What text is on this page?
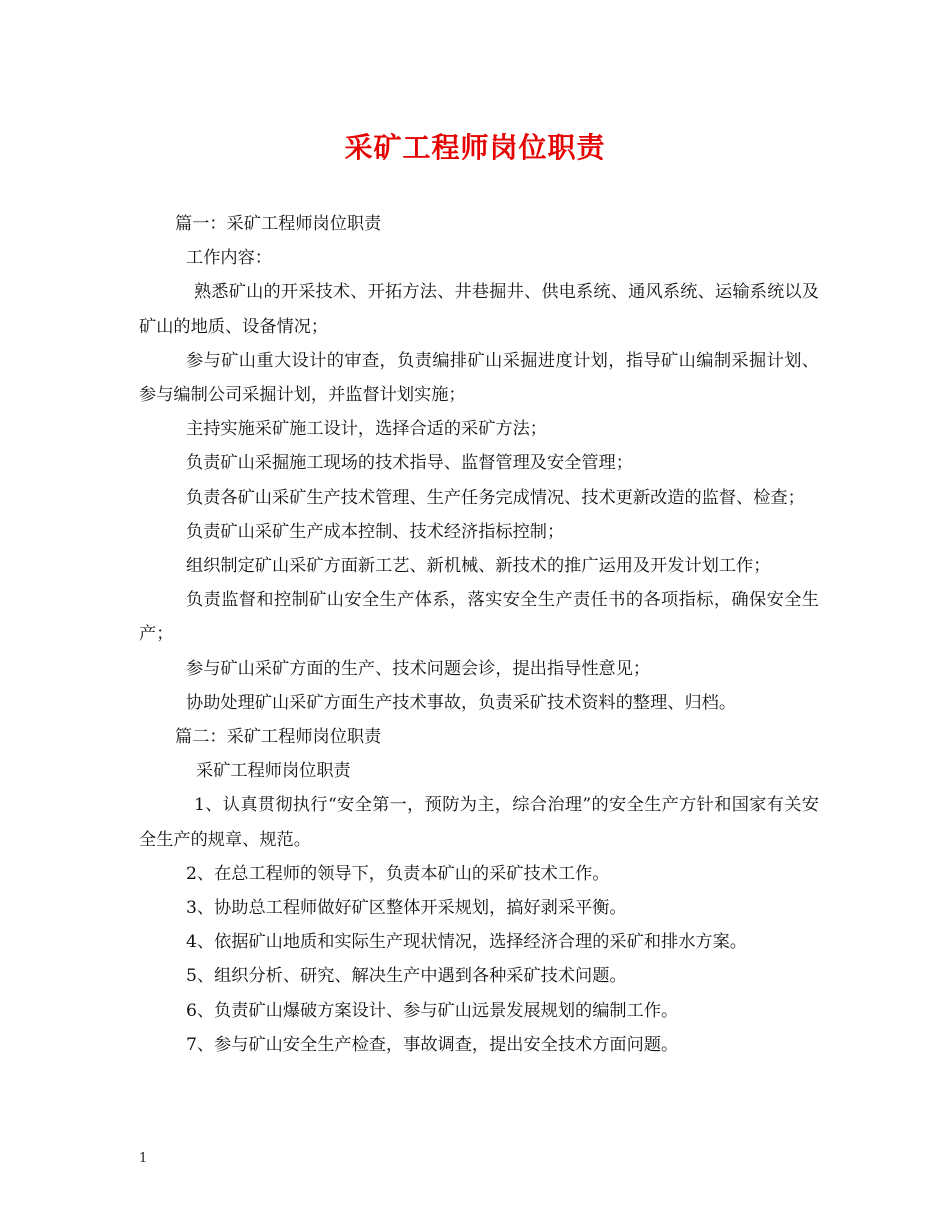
采矿工程师岗位职责

篇一：采矿工程师岗位职责

工作内容：

熟悉矿山的开采技术、开拓方法、井巷掘井、供电系统、通风系统、运输系统以及矿山的地质、设备情况；

参与矿山重大设计的审查，负责编排矿山采掘进度计划，指导矿山编制采掘计划、参与编制公司采掘计划，并监督计划实施；

主持实施采矿施工设计，选择合适的采矿方法；

负责矿山采掘施工现场的技术指导、监督管理及安全管理；

负责各矿山采矿生产技术管理、生产任务完成情况、技术更新改造的监督、检查；

负责矿山采矿生产成本控制、技术经济指标控制；

组织制定矿山采矿方面新工艺、新机械、新技术的推广运用及开发计划工作；

负责监督和控制矿山安全生产体系，落实安全生产责任书的各项指标，确保安全生产；

参与矿山采矿方面的生产、技术问题会诊，提出指导性意见；

协助处理矿山采矿方面生产技术事故，负责采矿技术资料的整理、归档。

篇二：采矿工程师岗位职责

采矿工程师岗位职责

1、认真贯彻执行“安全第一，预防为主，综合治理”的安全生产方针和国家有关安全生产的规章、规范。

2、在总工程师的领导下，负责本矿山的采矿技术工作。

3、协助总工程师做好矿区整体开采规划，搞好剥采平衡。

4、依据矿山地质和实际生产现状情况，选择经济合理的采矿和排水方案。

5、组织分析、研究、解决生产中遇到各种采矿技术问题。

6、负责矿山爆破方案设计、参与矿山远景发展规划的编制工作。

7、参与矿山安全生产检查，事故调查，提出安全技术方面问题。

1
